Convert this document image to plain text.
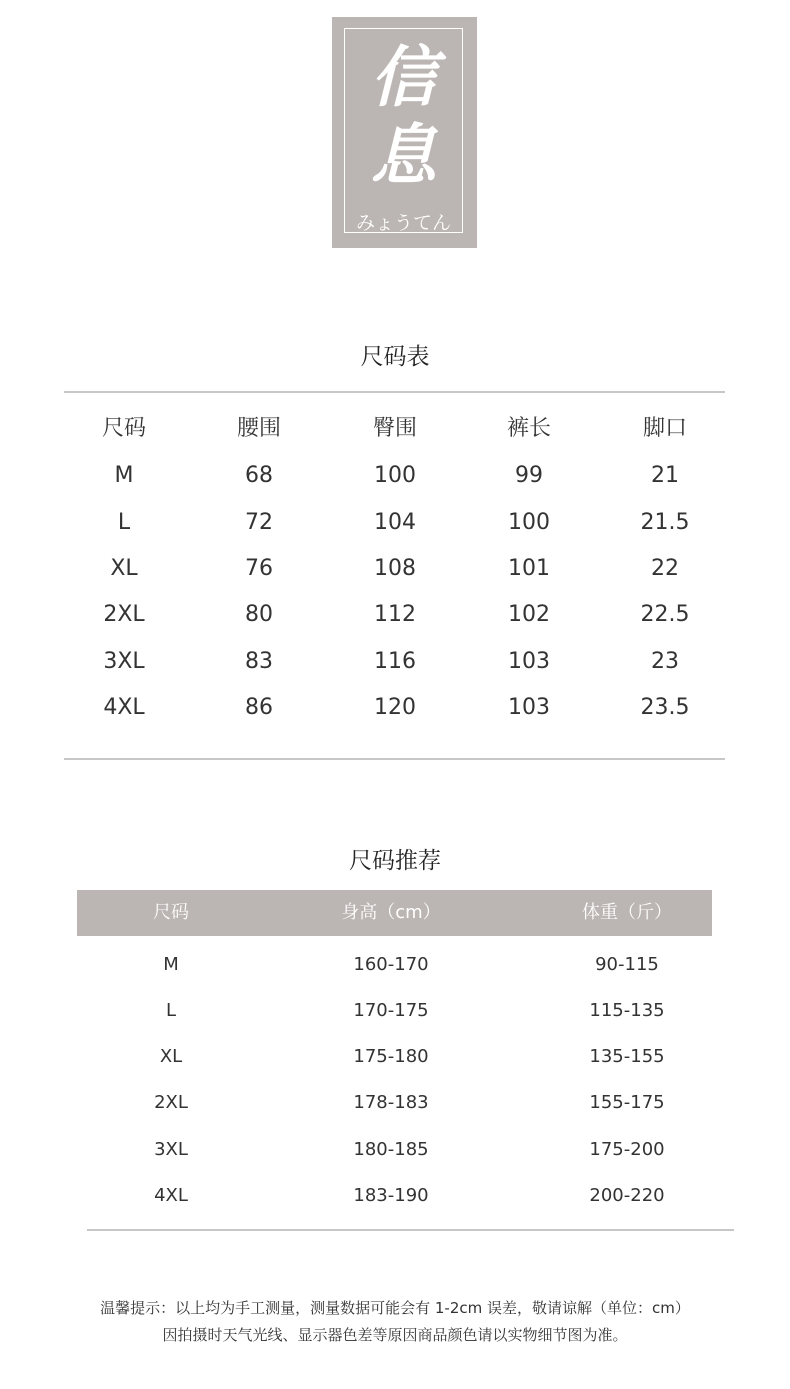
信
息
みょうてん
尺码表
尺码	腰围	臀围	裤长	脚口
M	68	100	99	21
L	72	104	100	21.5
XL	76	108	101	22
2XL	80	112	102	22.5
3XL	83	116	103	23
4XL	86	120	103	23.5
尺码推荐
尺码	身高（cm）	体重（斤）
M	160-170	90-115
L	170-175	115-135
XL	175-180	135-155
2XL	178-183	155-175
3XL	180-185	175-200
4XL	183-190	200-220
温馨提示：以上均为手工测量，测量数据可能会有 1-2cm 误差，敬请谅解（单位：cm）
因拍摄时天气光线、显示器色差等原因商品颜色请以实物细节图为准。
